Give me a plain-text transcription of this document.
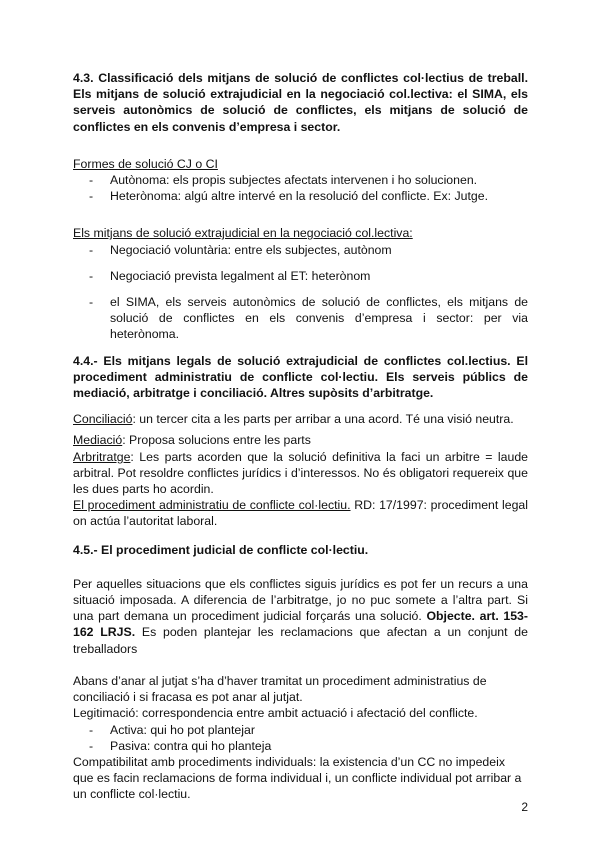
4.3. Classificació dels mitjans de solució de conflictes col·lectius de treball. Els mitjans de solució extrajudicial en la negociació col.lectiva: el SIMA, els serveis autonòmics de solució de conflictes, els mitjans de solució de conflictes en els convenis d’empresa i sector.

Formes de solució CJ o CI
- Autònoma: els propis subjectes afectats intervenen i ho solucionen.
- Heterònoma: algú altre intervé en la resolució del conflicte. Ex: Jutge.
Els mitjans de solució extrajudicial en la negociació col.lectiva:
- Negociació voluntària: entre els subjectes, autònom
- Negociació prevista legalment al ET: heterònom
- el SIMA, els serveis autonòmics de solució de conflictes, els mitjans de solució de conflictes en els convenis d’empresa i sector: per via heterònoma.

4.4.- Els mitjans legals de solució extrajudicial de conflictes col.lectius. El procediment administratiu de conflicte col·lectiu. Els serveis públics de mediació, arbitratge i conciliació. Altres supòsits d’arbitratge.

Conciliació: un tercer cita a les parts per arribar a una acord. Té una visió neutra.

Mediació: Proposa solucions entre les parts

Arbritratge: Les parts acorden que la solució definitiva la faci un arbitre = laude arbitral. Pot resoldre conflictes jurídics i d’interessos. No és obligatori requereix que les dues parts ho acordin.

El procediment administratiu de conflicte col·lectiu. RD: 17/1997: procediment legal on actúa l’autoritat laboral.

4.5.- El procediment judicial de conflicte col·lectiu.

Per aquelles situacions que els conflictes siguis jurídics es pot fer un recurs a una situació imposada. A diferencia de l’arbitratge, jo no puc somete a l’altra part. Si una part demana un procediment judicial forçarás una solució. Objecte. art. 153-162 LRJS. Es poden plantejar les reclamacions que afectan a un conjunt de treballadors

Abans d’anar al jutjat s’ha d’haver tramitat un procediment administratius de conciliació i si fracasa es pot anar al jutjat.

Legitimació: correspondencia entre ambit actuació i afectació del conflicte.

- Activa: qui ho pot plantejar
- Pasiva: contra qui ho planteja

Compatibilitat amb procediments individuals: la existencia d’un CC no impedeix que es facin reclamacions de forma individual i, un conflicte individual pot arribar a un conflicte col·lectiu.

2
